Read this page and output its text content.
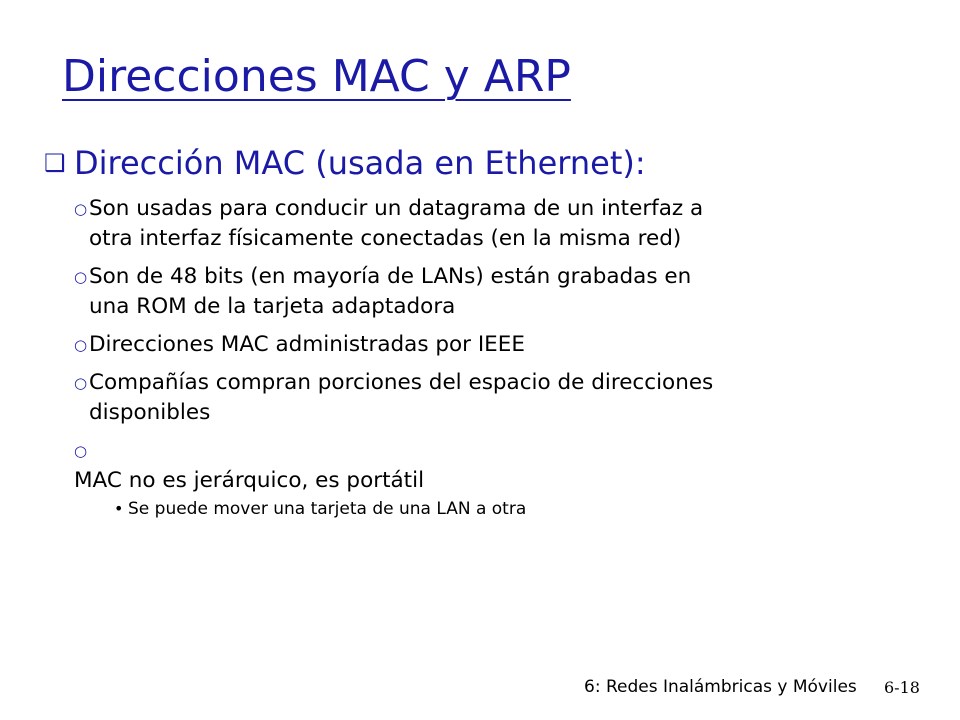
Direcciones MAC y ARP
❑ Dirección MAC (usada en Ethernet):
○ Son usadas para conducir un datagrama de un interfaz a
otra interfaz físicamente conectadas (en la misma red)
○ Son de 48 bits (en mayoría de LANs) están grabadas en
una ROM de la tarjeta adaptadora
○ Direcciones MAC administradas por IEEE
○ Compañías compran porciones del espacio de direcciones
disponibles
○
MAC no es jerárquico, es portátil
• Se puede mover una tarjeta de una LAN a otra
6: Redes Inalámbricas y Móviles 6-18
